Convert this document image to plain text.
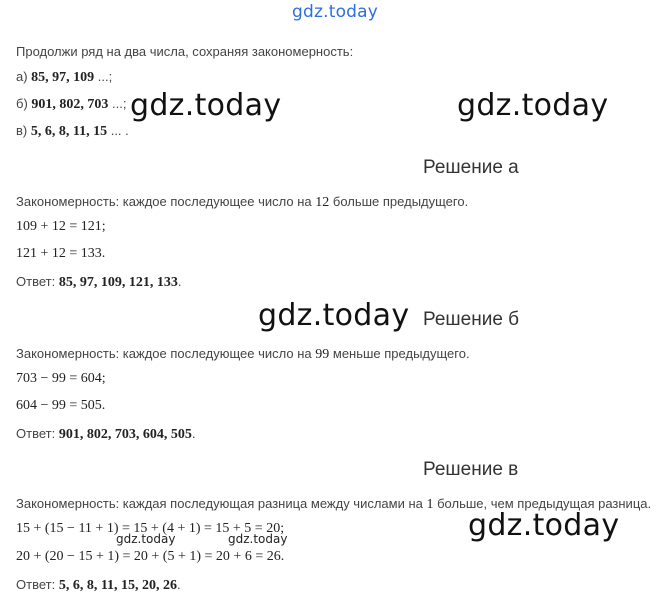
gdz.today
Продолжи ряд на два числа, сохраняя закономерность:
а) 85, 97, 109 ...;
б) 901, 802, 703 ...;
в) 5, 6, 8, 11, 15 ... .
gdz.today	gdz.today
Решение а
Закономерность: каждое последующее число на 12 больше предыдущего.
109 + 12 = 121;
121 + 12 = 133.
Ответ: 85, 97, 109, 121, 133.
gdz.today Решение б
Закономерность: каждое последующее число на 99 меньше предыдущего.
703 − 99 = 604;
604 − 99 = 505.
Ответ: 901, 802, 703, 604, 505.
Решение в
Закономерность: каждая последующая разница между числами на 1 больше, чем предыдущая разница.
15 + (15 − 11 + 1) = 15 + (4 + 1) = 15 + 5 = 20;
gdz.today	gdz.today	gdz.today
20 + (20 − 15 + 1) = 20 + (5 + 1) = 20 + 6 = 26.
Ответ: 5, 6, 8, 11, 15, 20, 26.
